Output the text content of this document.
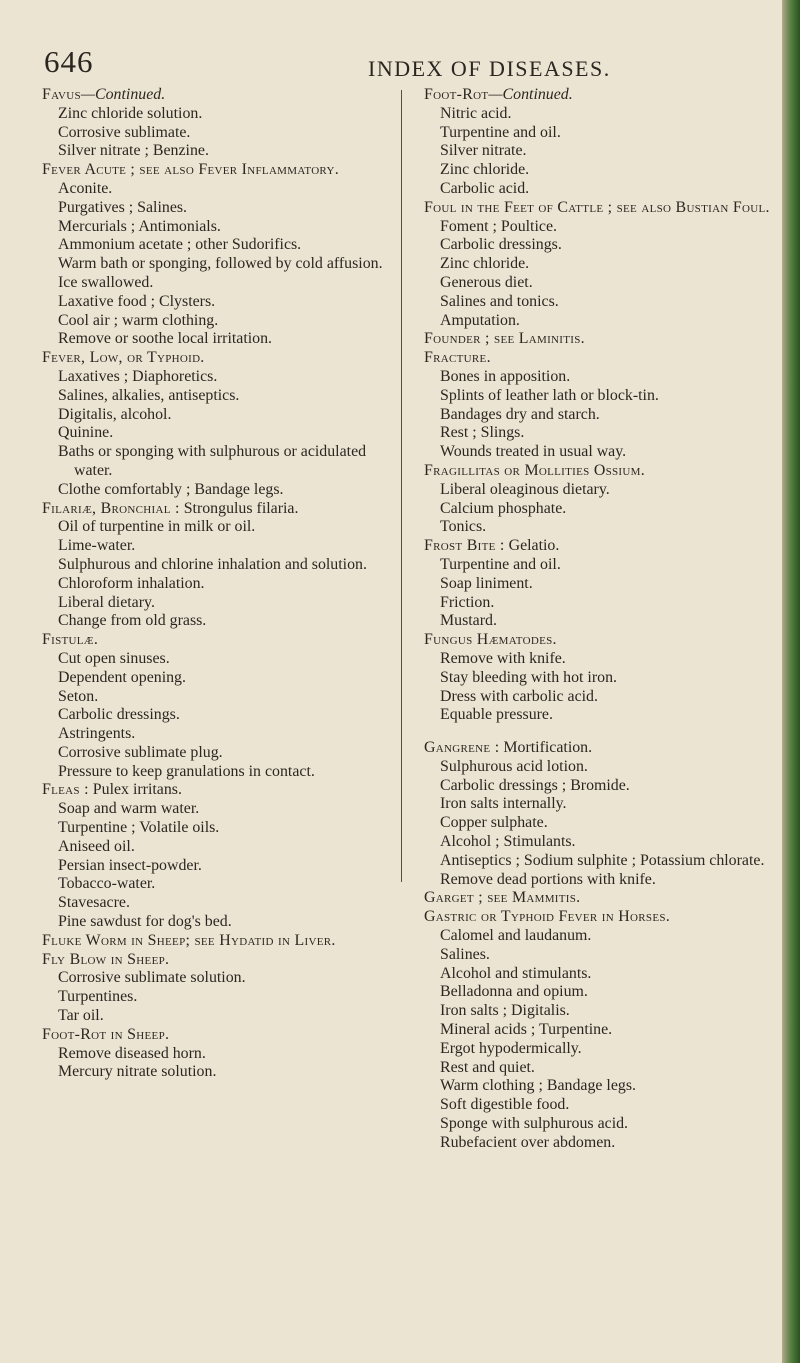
646	INDEX OF DISEASES.

Favus—Continued.

Zinc chloride solution.

Corrosive sublimate.

Silver nitrate ; Benzine.

Fever Acute ; see also Fever Inflammatory.

Aconite.

Purgatives ; Salines.

Mercurials ; Antimonials.

Ammonium acetate ; other Sudorifics.

Warm bath or sponging, followed by cold affusion.

Ice swallowed.

Laxative food ; Clysters.

Cool air ; warm clothing.

Remove or soothe local irritation.

Fever, Low, or Typhoid.

Laxatives ; Diaphoretics.

Salines, alkalies, antiseptics.

Digitalis, alcohol.

Quinine.

Baths or sponging with sulphurous or acidulated water.

Clothe comfortably ; Bandage legs.

Filariæ, Bronchial : Strongulus filaria.

Oil of turpentine in milk or oil.

Lime-water.

Sulphurous and chlorine inhalation and solution.

Chloroform inhalation.

Liberal dietary.

Change from old grass.

Fistulæ.

Cut open sinuses.

Dependent opening.

Seton.

Carbolic dressings.

Astringents.

Corrosive sublimate plug.

Pressure to keep granulations in contact.

Fleas : Pulex irritans.

Soap and warm water.

Turpentine ; Volatile oils.

Aniseed oil.

Persian insect-powder.

Tobacco-water.

Stavesacre.

Pine sawdust for dog's bed.

Fluke Worm in Sheep; see Hydatid in Liver.

Fly Blow in Sheep.

Corrosive sublimate solution.

Turpentines.

Tar oil.

Foot-Rot in Sheep.

Remove diseased horn.

Mercury nitrate solution.

Foot-Rot—Continued.

Nitric acid.

Turpentine and oil.

Silver nitrate.

Zinc chloride.

Carbolic acid.

Foul in the Feet of Cattle ; see also Bustian Foul.

Foment ; Poultice.

Carbolic dressings.

Zinc chloride.

Generous diet.

Salines and tonics.

Amputation.

Founder ; see Laminitis.

Fracture.

Bones in apposition.

Splints of leather lath or block-tin.

Bandages dry and starch.

Rest ; Slings.

Wounds treated in usual way.

Fragillitas or Mollities Ossium.

Liberal oleaginous dietary.

Calcium phosphate.

Tonics.

Frost Bite : Gelatio.

Turpentine and oil.

Soap liniment.

Friction.

Mustard.

Fungus Hæmatodes.

Remove with knife.

Stay bleeding with hot iron.

Dress with carbolic acid.

Equable pressure.

Gangrene : Mortification.

Sulphurous acid lotion.

Carbolic dressings ; Bromide.

Iron salts internally.

Copper sulphate.

Alcohol ; Stimulants.

Antiseptics ; Sodium sulphite ; Potassium chlorate.

Remove dead portions with knife.

Garget ; see Mammitis.

Gastric or Typhoid Fever in Horses.

Calomel and laudanum.

Salines.

Alcohol and stimulants.

Belladonna and opium.

Iron salts ; Digitalis.

Mineral acids ; Turpentine.

Ergot hypodermically.

Rest and quiet.

Warm clothing ; Bandage legs.

Soft digestible food.

Sponge with sulphurous acid.

Rubefacient over abdomen.
